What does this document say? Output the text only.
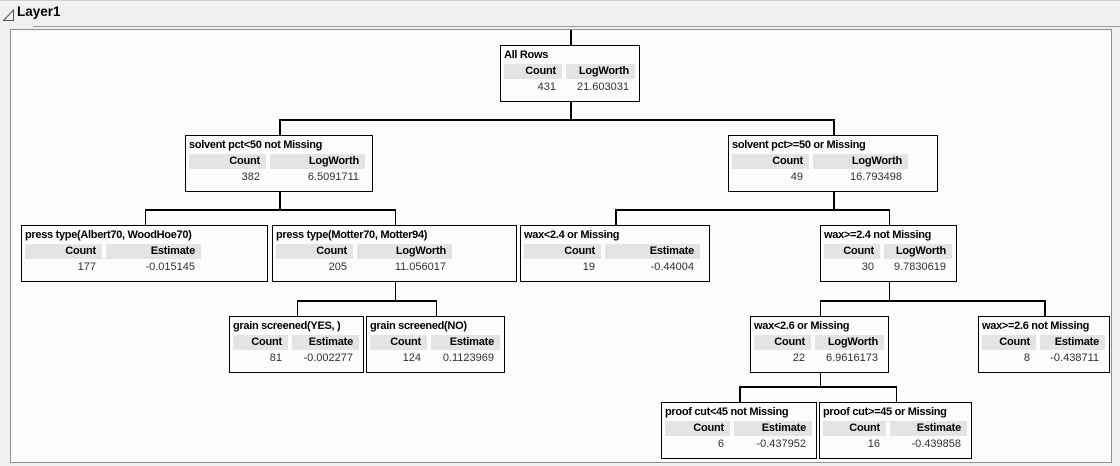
Layer1
All Rows
Count	LogWorth
431	21.603031
solvent pct<50 not Missing
Count	LogWorth
382	6.5091711
solvent pct>=50 or Missing
Count	LogWorth
49	16.793498
press type(Albert70, WoodHoe70)
Count	Estimate
177	-0.015145
press type(Motter70, Motter94)
Count	LogWorth
205	11.056017
wax<2.4 or Missing
Count	Estimate
19	-0.44004
wax>=2.4 not Missing
Count	LogWorth
30	9.7830619
grain screened(YES, )
Count	Estimate
81	-0.002277
grain screened(NO)
Count	Estimate
124	0.1123969
wax<2.6 or Missing
Count	LogWorth
22	6.9616173
wax>=2.6 not Missing
Count	Estimate
8	-0.438711
proof cut<45 not Missing
Count	Estimate
6	-0.437952
proof cut>=45 or Missing
Count	Estimate
16	-0.439858
